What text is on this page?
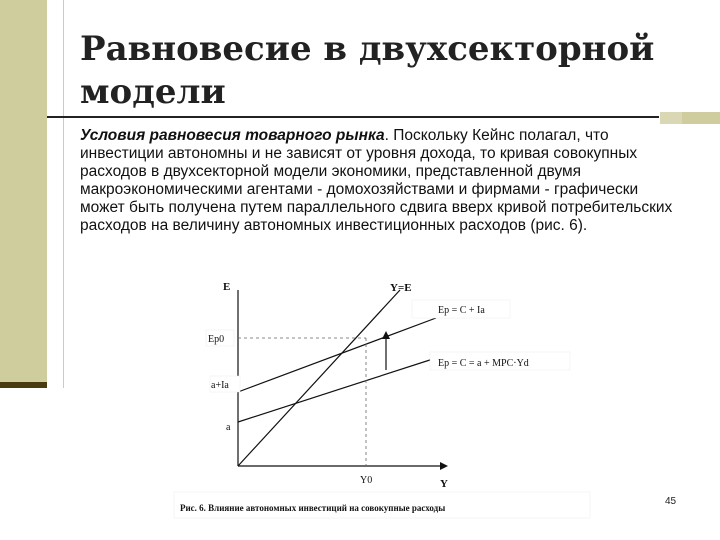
Равновесие в двухсекторной модели
Условия равновесия товарного рынка. Поскольку Кейнс полагал, что инвестиции автономны и не зависят от уровня дохода, то кривая совокупных расходов в двухсекторной модели экономики, представленной двумя макроэкономическими агентами - домохозяйствами и фирмами - графически может быть получена путем параллельного сдвига вверх кривой потребительских расходов на величину автономных инвестиционных расходов (рис. 6).
E
Y
Y=E
Ep = C + Ia
Ep = C = a + MPC·Yd
Ep0
a+Ia
a
Y0
Рис. 6. Влияние автономных инвестиций на совокупные расходы
45
